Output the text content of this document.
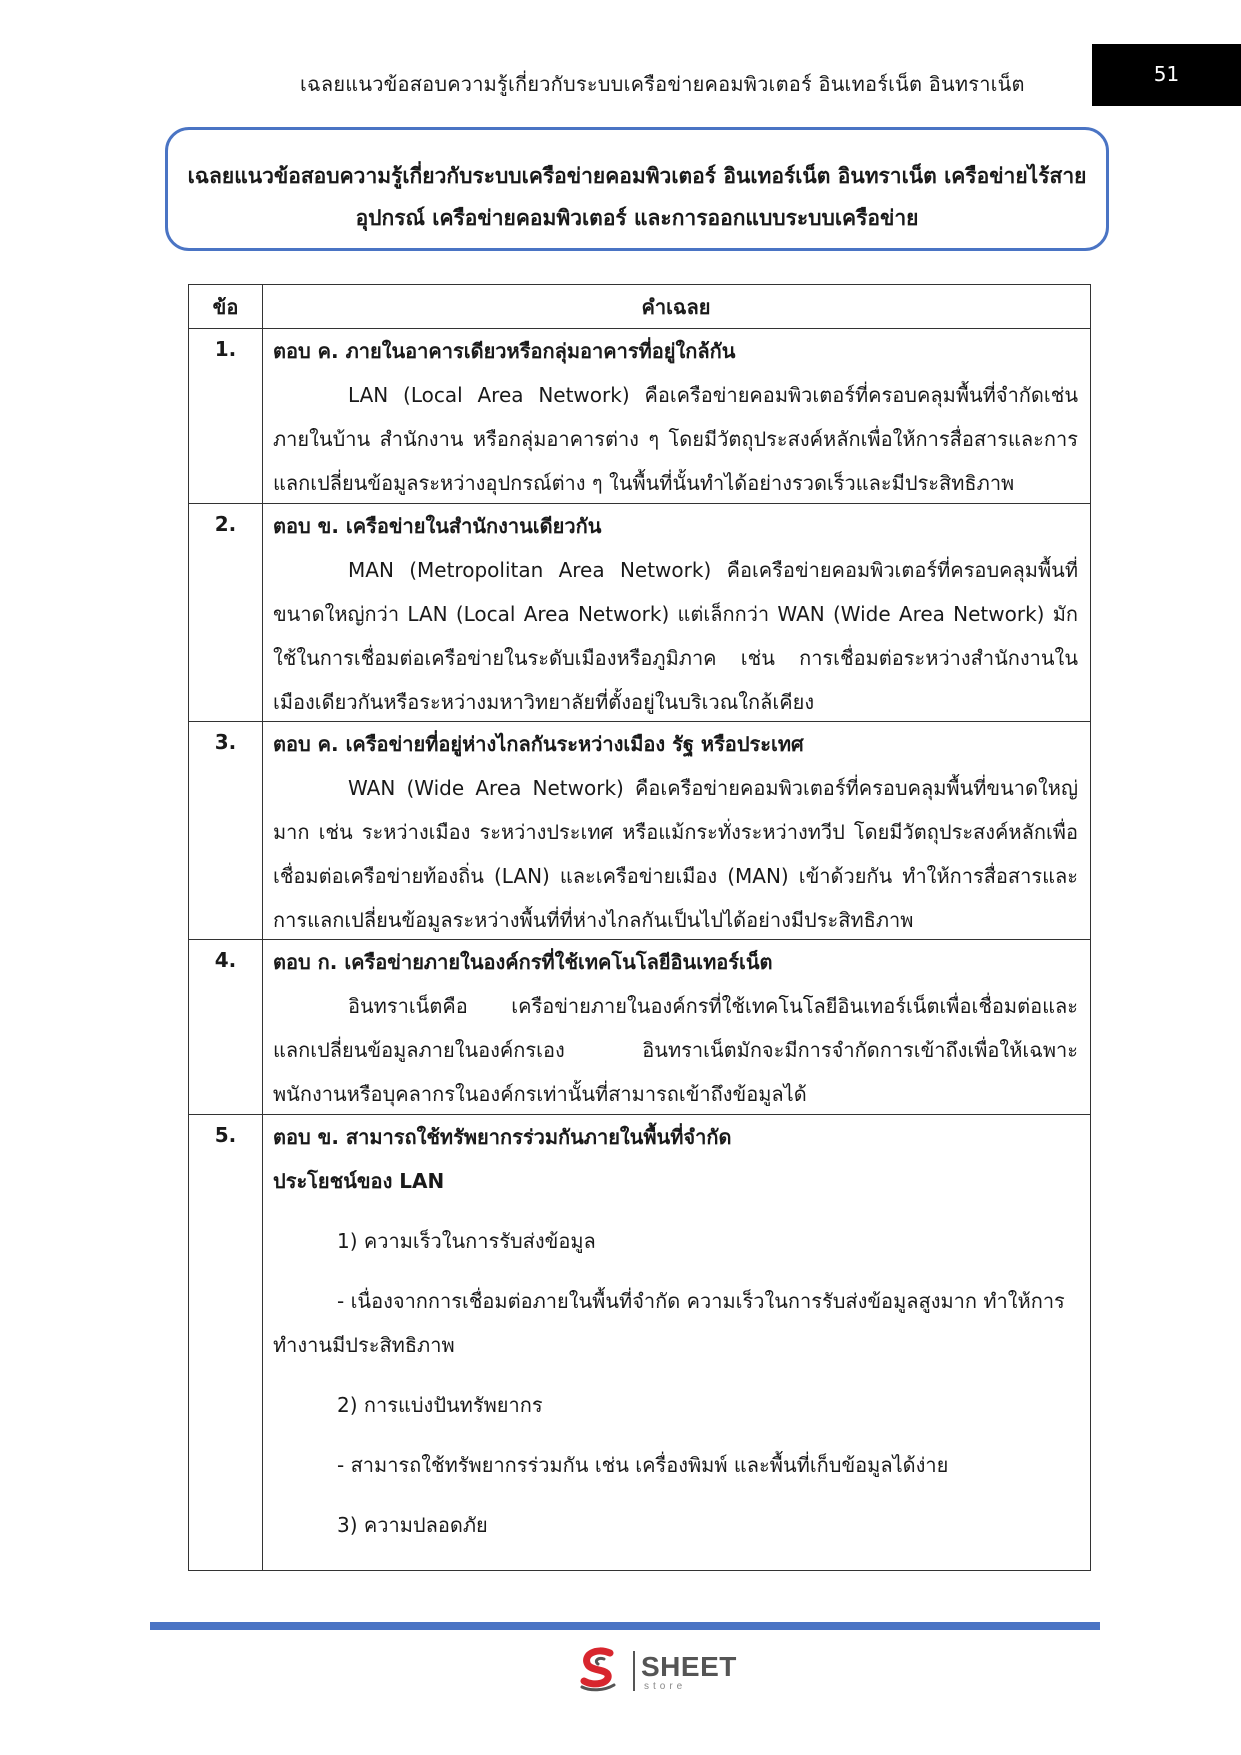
เฉลยแนวข้อสอบความรู้เกี่ยวกับระบบเครือข่ายคอมพิวเตอร์ อินเทอร์เน็ต อินทราเน็ต	51
เฉลยแนวข้อสอบความรู้เกี่ยวกับระบบเครือข่ายคอมพิวเตอร์ อินเทอร์เน็ต อินทราเน็ต เครือข่ายไร้สาย
อุปกรณ์ เครือข่ายคอมพิวเตอร์ และการออกแบบระบบเครือข่าย
ข้อ	คำเฉลย
1.	ตอบ ค. ภายในอาคารเดียวหรือกลุ่มอาคารที่อยู่ใกล้กัน

LAN (Local Area Network) คือเครือข่ายคอมพิวเตอร์ที่ครอบคลุมพื้นที่จำกัดเช่น ภายในบ้าน สำนักงาน หรือกลุ่มอาคารต่าง ๆ โดยมีวัตถุประสงค์หลักเพื่อให้การสื่อสารและการแลกเปลี่ยนข้อมูลระหว่างอุปกรณ์ต่าง ๆ ในพื้นที่นั้นทำได้อย่างรวดเร็วและมีประสิทธิภาพ

2.	ตอบ ข. เครือข่ายในสำนักงานเดียวกัน

MAN (Metropolitan Area Network) คือเครือข่ายคอมพิวเตอร์ที่ครอบคลุมพื้นที่ขนาดใหญ่กว่า LAN (Local Area Network) แต่เล็กกว่า WAN (Wide Area Network) มักใช้ในการเชื่อมต่อเครือข่ายในระดับเมืองหรือภูมิภาค เช่น การเชื่อมต่อระหว่างสำนักงานในเมืองเดียวกันหรือระหว่างมหาวิทยาลัยที่ตั้งอยู่ในบริเวณใกล้เคียง

3.	ตอบ ค. เครือข่ายที่อยู่ห่างไกลกันระหว่างเมือง รัฐ หรือประเทศ

WAN (Wide Area Network) คือเครือข่ายคอมพิวเตอร์ที่ครอบคลุมพื้นที่ขนาดใหญ่มาก เช่น ระหว่างเมือง ระหว่างประเทศ หรือแม้กระทั่งระหว่างทวีป โดยมีวัตถุประสงค์หลักเพื่อเชื่อมต่อเครือข่ายท้องถิ่น (LAN) และเครือข่ายเมือง (MAN) เข้าด้วยกัน ทำให้การสื่อสารและการแลกเปลี่ยนข้อมูลระหว่างพื้นที่ที่ห่างไกลกันเป็นไปได้อย่างมีประสิทธิภาพ

4.	ตอบ ก. เครือข่ายภายในองค์กรที่ใช้เทคโนโลยีอินเทอร์เน็ต

อินทราเน็ตคือ เครือข่ายภายในองค์กรที่ใช้เทคโนโลยีอินเทอร์เน็ตเพื่อเชื่อมต่อและแลกเปลี่ยนข้อมูลภายในองค์กรเอง อินทราเน็ตมักจะมีการจำกัดการเข้าถึงเพื่อให้เฉพาะพนักงานหรือบุคลากรในองค์กรเท่านั้นที่สามารถเข้าถึงข้อมูลได้

5.	ตอบ ข. สามารถใช้ทรัพยากรร่วมกันภายในพื้นที่จำกัด
ประโยชน์ของ LAN
1) ความเร็วในการรับส่งข้อมูล
- เนื่องจากการเชื่อมต่อภายในพื้นที่จำกัด ความเร็วในการรับส่งข้อมูลสูงมาก ทำให้การทำงานมีประสิทธิภาพ
2) การแบ่งปันทรัพยากร
- สามารถใช้ทรัพยากรร่วมกัน เช่น เครื่องพิมพ์ และพื้นที่เก็บข้อมูลได้ง่าย
3) ความปลอดภัย
SHEET
store
